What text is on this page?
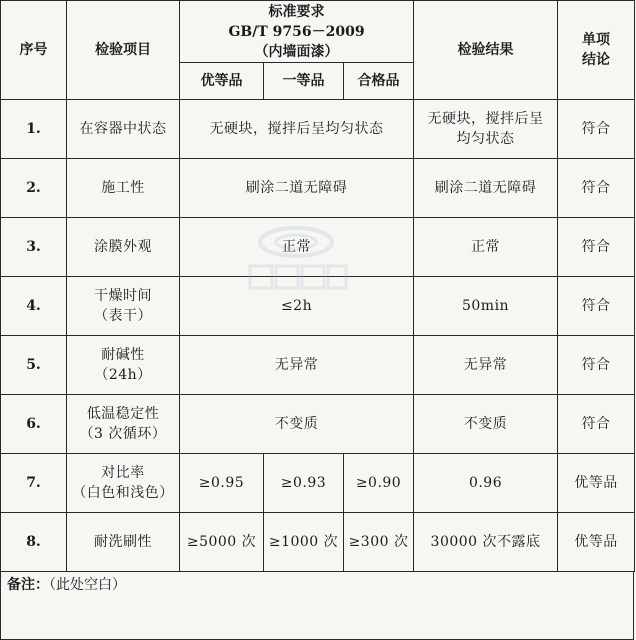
序号	检验项目	标准要求
GB/T 9756－2009
（内墙面漆）			检验结果	单项
结论

		优等品	一等品	合格品		
1.	在容器中状态	无硬块，搅拌后呈均匀状态			无硬块，搅拌后呈
均匀状态	符合
2.	施工性	刷涂二道无障碍			刷涂二道无障碍	符合
3.	涂膜外观	正常			正常	符合
4.	干燥时间
（表干）	≤2h			50min	符合
5.	耐碱性
（24h）	无异常			无异常	符合
6.	低温稳定性
（3 次循环）	不变质			不变质	符合
7.	对比率
（白色和浅色）	≥0.95	≥0.93	≥0.90	0.96	优等品
8.	耐洗刷性	≥5000 次	≥1000 次	≥300 次	30000 次不露底	优等品
备注：（此处空白）
